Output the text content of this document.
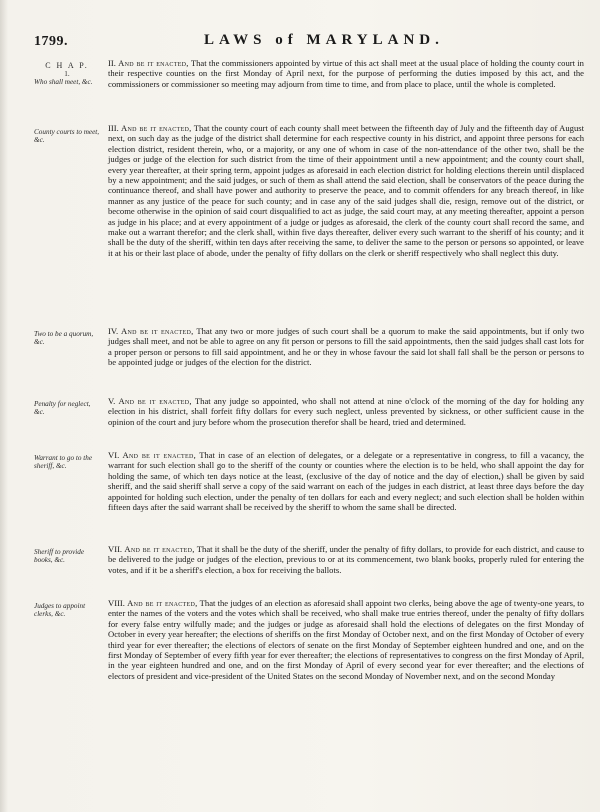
1799.	LAWS of MARYLAND.
C H A P.
1.
Who shall meet, &c.
County courts to meet, &c.
Two to be a quorum, &c.
Penalty for neglect, &c.
Warrant to go to the sheriff, &c.
Sheriff to provide books, &c.
Judges to appoint clerks, &c.
II. And be it enacted, That the commissioners appointed by virtue of this act shall meet at the usual place of holding the county court in their respective counties on the first Monday of April next, for the purpose of performing the duties imposed by this act, and the commissioners or commissioner so meeting may adjourn from time to time, and from place to place, until the whole is completed.
III. And be it enacted, That the county court of each county shall meet between the fifteenth day of July and the fifteenth day of August next, on such day as the judge of the district shall determine for each respective county in his district, and appoint three persons for each election district, resident therein, who, or a majority, or any one of whom in case of the non-attendance of the other two, shall be the judges or judge of the election for such district from the time of their appointment until a new appointment; and the county court shall, every year thereafter, at their spring term, appoint judges as aforesaid in each election district for holding elections therein until displaced by a new appointment; and the said judges, or such of them as shall attend the said election, shall be conservators of the peace during the continuance thereof, and shall have power and authority to preserve the peace, and to commit offenders for any breach thereof, in like manner as any justice of the peace for such county; and in case any of the said judges shall die, resign, remove out of the district, or become otherwise in the opinion of said court disqualified to act as judge, the said court may, at any meeting thereafter, appoint a person as judge in his place; and at every appointment of a judge or judges as aforesaid, the clerk of the county court shall record the same, and make out a warrant therefor; and the clerk shall, within five days thereafter, deliver every such warrant to the sheriff of his county; and it shall be the duty of the sheriff, within ten days after receiving the same, to deliver the same to the person or persons so appointed, or leave it at his or their last place of abode, under the penalty of fifty dollars on the clerk or sheriff respectively who shall neglect this duty.
IV. And be it enacted, That any two or more judges of such court shall be a quorum to make the said appointments, but if only two judges shall meet, and not be able to agree on any fit person or persons to fill the said appointments, then the said judges shall cast lots for a proper person or persons to fill said appointment, and he or they in whose favour the said lot shall fall shall be the person or persons to be appointed judge or judges of the election for the district.
V. And be it enacted, That any judge so appointed, who shall not attend at nine o'clock of the morning of the day for holding any election in his district, shall forfeit fifty dollars for every such neglect, unless prevented by sickness, or other sufficient cause in the opinion of the court and jury before whom the prosecution therefor shall be heard, tried and determined.
VI. And be it enacted, That in case of an election of delegates, or a delegate or a representative in congress, to fill a vacancy, the warrant for such election shall go to the sheriff of the county or counties where the election is to be held, who shall appoint the day for holding the same, of which ten days notice at the least, (exclusive of the day of notice and the day of election,) shall be given by said sheriff, and the said sheriff shall serve a copy of the said warrant on each of the judges in each district, at least three days before the day appointed for holding such election, under the penalty of ten dollars for each and every neglect; and such election shall be holden within fifteen days after the said warrant shall be received by the sheriff to whom the same shall be directed.
VII. And be it enacted, That it shall be the duty of the sheriff, under the penalty of fifty dollars, to provide for each district, and cause to be delivered to the judge or judges of the election, previous to or at its commencement, two blank books, properly ruled for entering the votes, and if it be a sheriff's election, a box for receiving the ballots.
VIII. And be it enacted, That the judges of an election as aforesaid shall appoint two clerks, being above the age of twenty-one years, to enter the names of the voters and the votes which shall be received, who shall make true entries thereof, under the penalty of fifty dollars for every false entry wilfully made; and the judges or judge as aforesaid shall hold the elections of delegates on the first Monday of October in every year hereafter; the elections of sheriffs on the first Monday of October next, and on the first Monday of October of every third year for ever thereafter; the elections of electors of senate on the first Monday of September eighteen hundred and one, and on the first Monday of September of every fifth year for ever thereafter; the elections of representatives to congress on the first Monday of April, in the year eighteen hundred and one, and on the first Monday of April of every second year for ever thereafter; and the elections of electors of president and vice-president of the United States on the second Monday of November next, and on the second Monday
